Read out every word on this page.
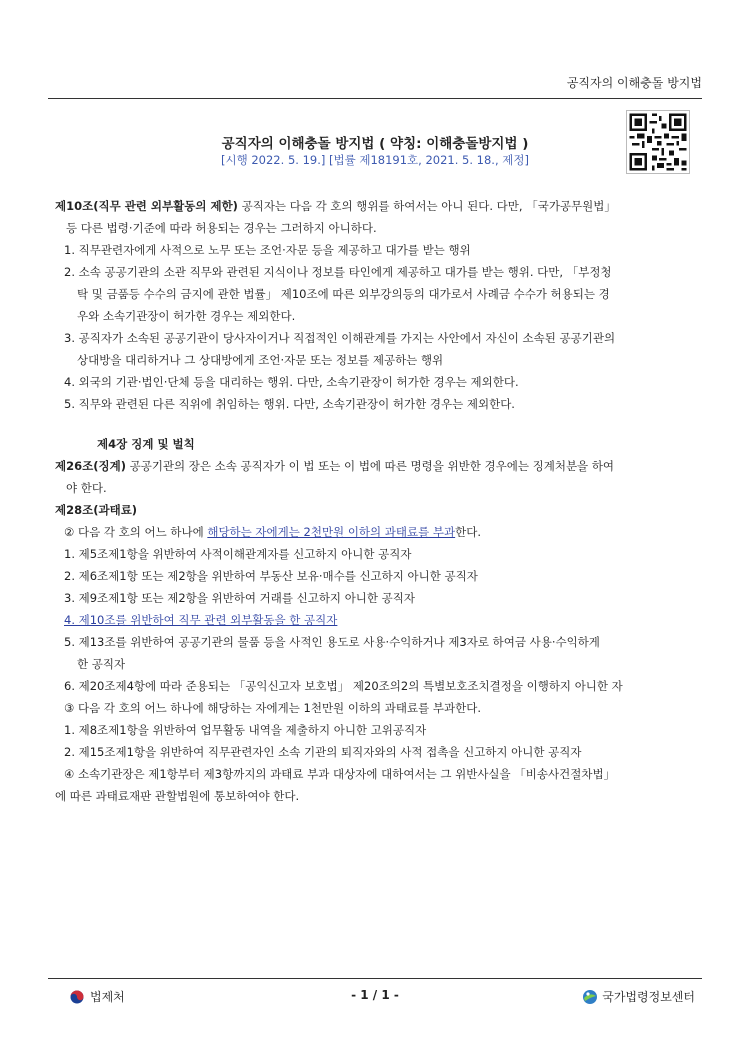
공직자의 이해충돌 방지법
공직자의 이해충돌 방지법 ( 약칭: 이해충돌방지법 )
[시행 2022. 5. 19.] [법률 제18191호, 2021. 5. 18., 제정]

제10조(직무 관련 외부활동의 제한) 공직자는 다음 각 호의 행위를 하여서는 아니 된다. 다만, 「국가공무원법」

등 다른 법령·기준에 따라 허용되는 경우는 그러하지 아니하다.

1. 직무관련자에게 사적으로 노무 또는 조언·자문 등을 제공하고 대가를 받는 행위

2. 소속 공공기관의 소관 직무와 관련된 지식이나 정보를 타인에게 제공하고 대가를 받는 행위. 다만, 「부정청

탁 및 금품등 수수의 금지에 관한 법률」 제10조에 따른 외부강의등의 대가로서 사례금 수수가 허용되는 경

우와 소속기관장이 허가한 경우는 제외한다.

3. 공직자가 소속된 공공기관이 당사자이거나 직접적인 이해관계를 가지는 사안에서 자신이 소속된 공공기관의

상대방을 대리하거나 그 상대방에게 조언·자문 또는 정보를 제공하는 행위

4. 외국의 기관·법인·단체 등을 대리하는 행위. 다만, 소속기관장이 허가한 경우는 제외한다.

5. 직무와 관련된 다른 직위에 취임하는 행위. 다만, 소속기관장이 허가한 경우는 제외한다.

제4장 징계 및 벌칙

제26조(징계) 공공기관의 장은 소속 공직자가 이 법 또는 이 법에 따른 명령을 위반한 경우에는 징계처분을 하여

야 한다.

제28조(과태료)

② 다음 각 호의 어느 하나에 해당하는 자에게는 2천만원 이하의 과태료를 부과한다.

1. 제5조제1항을 위반하여 사적이해관계자를 신고하지 아니한 공직자

2. 제6조제1항 또는 제2항을 위반하여 부동산 보유·매수를 신고하지 아니한 공직자

3. 제9조제1항 또는 제2항을 위반하여 거래를 신고하지 아니한 공직자

4. 제10조를 위반하여 직무 관련 외부활동을 한 공직자

5. 제13조를 위반하여 공공기관의 물품 등을 사적인 용도로 사용·수익하거나 제3자로 하여금 사용·수익하게

한 공직자

6. 제20조제4항에 따라 준용되는 「공익신고자 보호법」 제20조의2의 특별보호조치결정을 이행하지 아니한 자

③ 다음 각 호의 어느 하나에 해당하는 자에게는 1천만원 이하의 과태료를 부과한다.

1. 제8조제1항을 위반하여 업무활동 내역을 제출하지 아니한 고위공직자

2. 제15조제1항을 위반하여 직무관련자인 소속 기관의 퇴직자와의 사적 접촉을 신고하지 아니한 공직자

④ 소속기관장은 제1항부터 제3항까지의 과태료 부과 대상자에 대하여서는 그 위반사실을 「비송사건절차법」

에 따른 과태료재판 관할법원에 통보하여야 한다.

법제처	- 1 / 1 -	국가법령정보센터
